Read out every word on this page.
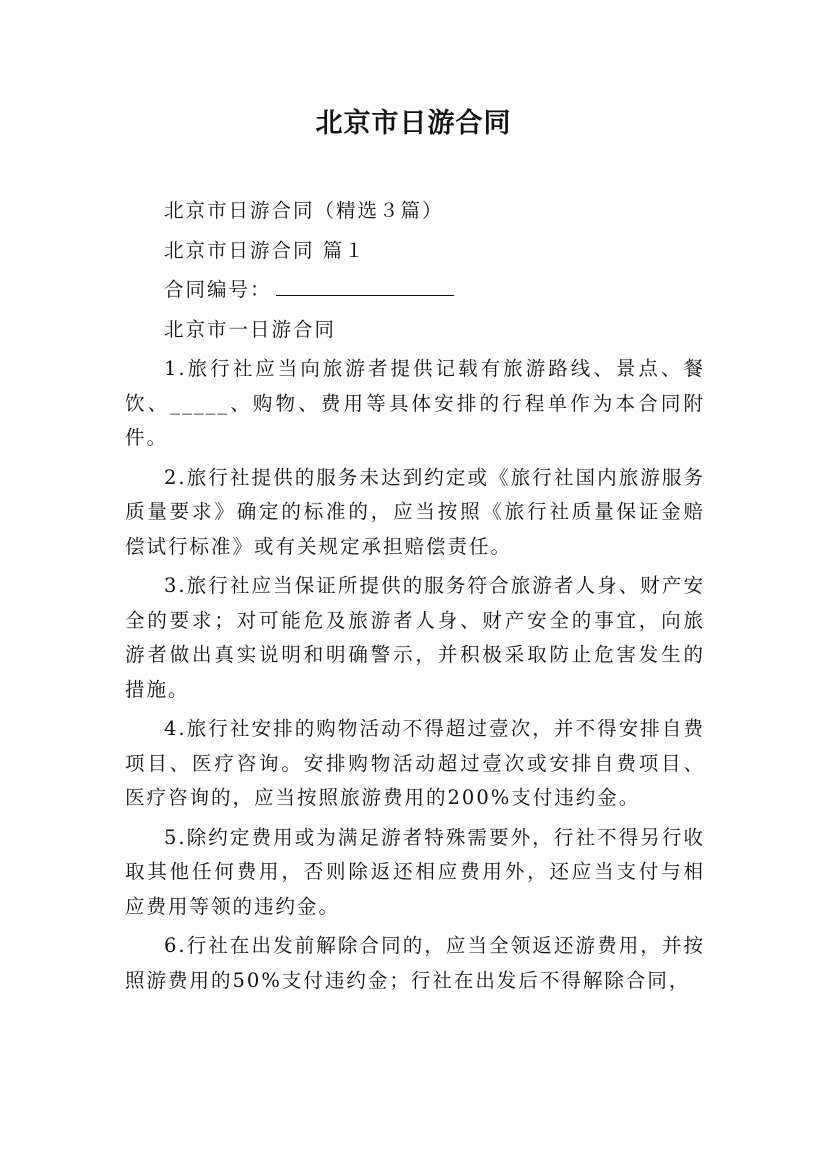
北京市日游合同
北京市日游合同（精选３篇）
北京市日游合同 篇１
合同编号：
北京市一日游合同

1.旅行社应当向旅游者提供记载有旅游路线、景点、餐饮、_____、购物、费用等具体安排的行程单作为本合同附件。

2.旅行社提供的服务未达到约定或《旅行社国内旅游服务质量要求》确定的标准的，应当按照《旅行社质量保证金赔偿试行标准》或有关规定承担赔偿责任。

3.旅行社应当保证所提供的服务符合旅游者人身、财产安全的要求；对可能危及旅游者人身、财产安全的事宜，向旅游者做出真实说明和明确警示，并积极采取防止危害发生的措施。

4.旅行社安排的购物活动不得超过壹次，并不得安排自费项目、医疗咨询。安排购物活动超过壹次或安排自费项目、医疗咨询的，应当按照旅游费用的200%支付违约金。

5.除约定费用或为满足游者特殊需要外，行社不得另行收取其他任何费用，否则除返还相应费用外，还应当支付与相应费用等领的违约金。

6.行社在出发前解除合同的，应当全领返还游费用，并按照游费用的50%支付违约金；行社在出发后不得解除合同，
